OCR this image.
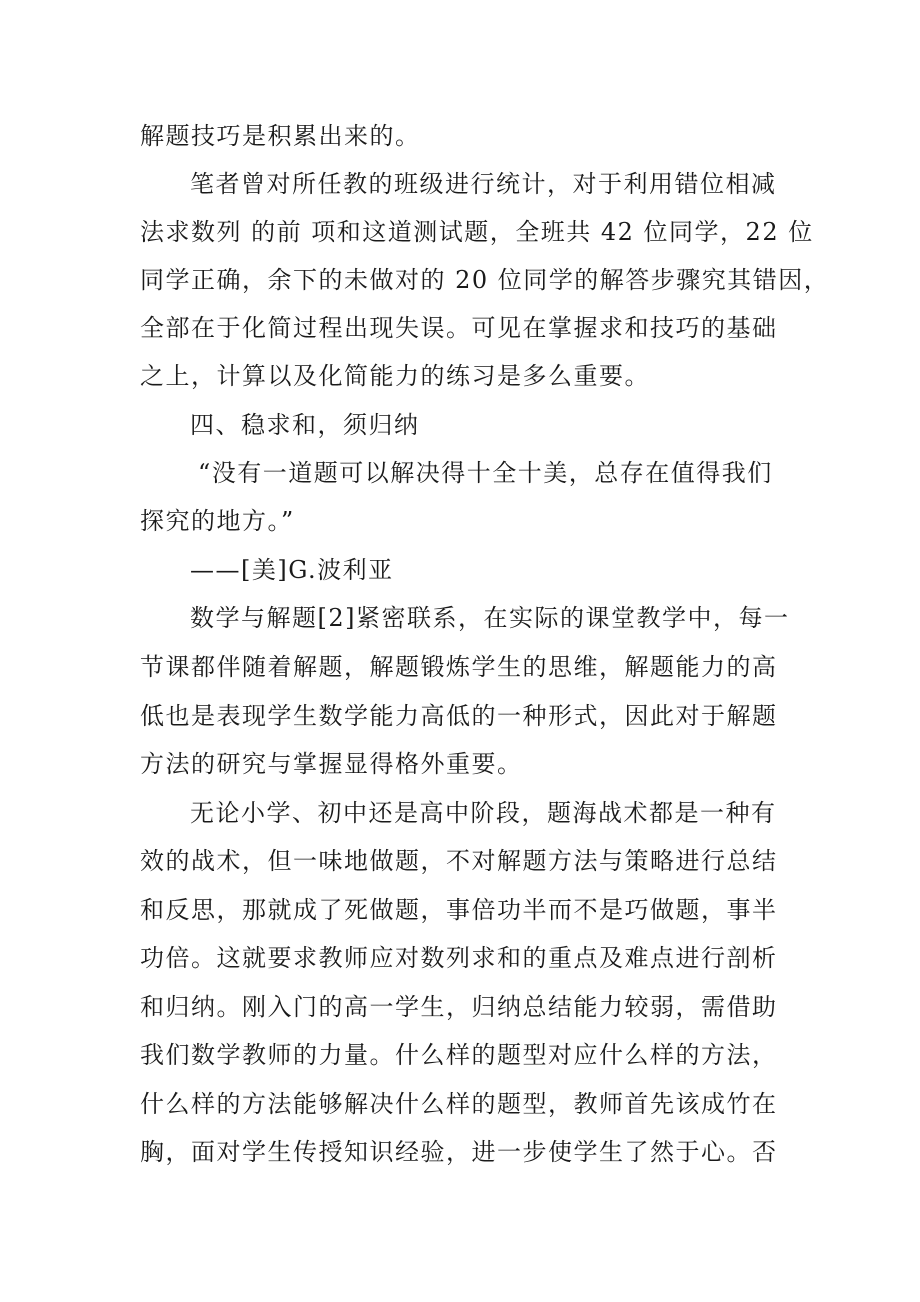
解题技巧是积累出来的。
笔者曾对所任教的班级进行统计，对于利用错位相减
法求数列 的前 项和这道测试题，全班共 42 位同学，22 位
同学正确，余下的未做对的 20 位同学的解答步骤究其错因，
全部在于化简过程出现失误。可见在掌握求和技巧的基础
之上，计算以及化简能力的练习是多么重要。
四、稳求和，须归纳
“没有一道题可以解决得十全十美，总存在值得我们
探究的地方。”
——[美]G.波利亚
数学与解题[2]紧密联系，在实际的课堂教学中，每一
节课都伴随着解题，解题锻炼学生的思维，解题能力的高
低也是表现学生数学能力高低的一种形式，因此对于解题
方法的研究与掌握显得格外重要。
无论小学、初中还是高中阶段，题海战术都是一种有
效的战术，但一味地做题，不对解题方法与策略进行总结
和反思，那就成了死做题，事倍功半而不是巧做题，事半
功倍。这就要求教师应对数列求和的重点及难点进行剖析
和归纳。刚入门的高一学生，归纳总结能力较弱，需借助
我们数学教师的力量。什么样的题型对应什么样的方法，
什么样的方法能够解决什么样的题型，教师首先该成竹在
胸，面对学生传授知识经验，进一步使学生了然于心。否
